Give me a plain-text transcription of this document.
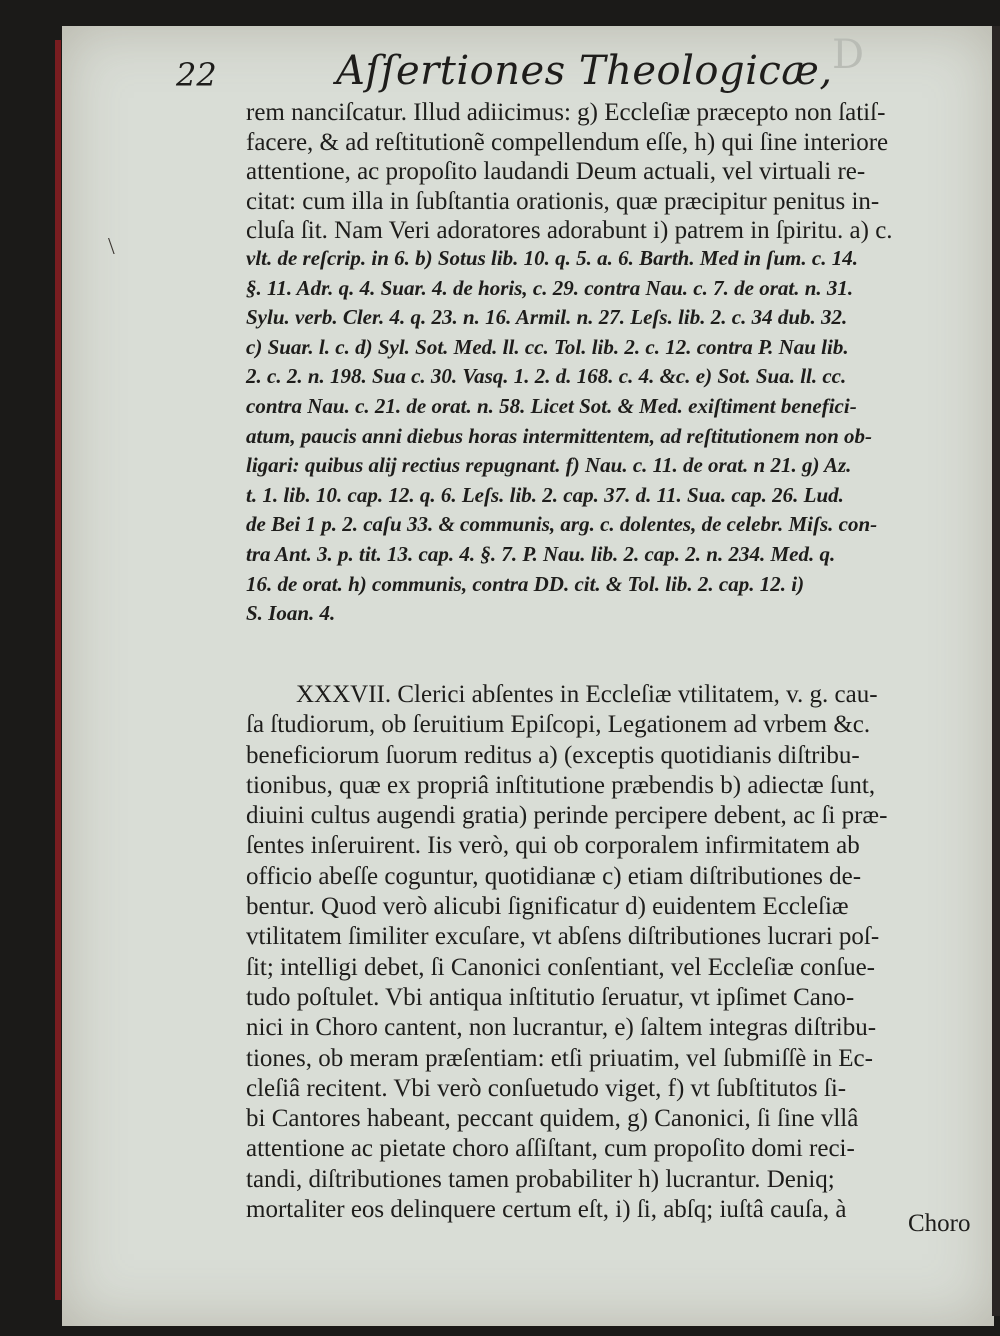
D
\
22	Aſſertiones Theologicæ,
rem nanciſcatur. Illud adiicimus: g) Eccleſiæ præcepto non ſatiſ-
facere, & ad reſtitutionẽ compellendum eſſe, h) qui ſine interiore
attentione, ac propoſito laudandi Deum actuali, vel virtuali re-
citat: cum illa in ſubſtantia orationis, quæ præcipitur penitus in-
cluſa ſit. Nam Veri adoratores adorabunt i) patrem in ſpiritu. a) c.
vlt. de reſcrip. in 6. b) Sotus lib. 10. q. 5. a. 6. Barth. Med in ſum. c. 14.
§. 11. Adr. q. 4. Suar. 4. de horis, c. 29. contra Nau. c. 7. de orat. n. 31.
Sylu. verb. Cler. 4. q. 23. n. 16. Armil. n. 27. Leſs. lib. 2. c. 34 dub. 32.
c) Suar. l. c. d) Syl. Sot. Med. ll. cc. Tol. lib. 2. c. 12. contra P. Nau lib.
2. c. 2. n. 198. Sua c. 30. Vasq. 1. 2. d. 168. c. 4. &c. e) Sot. Sua. ll. cc.
contra Nau. c. 21. de orat. n. 58. Licet Sot. & Med. exiſtiment benefici-
atum, paucis anni diebus horas intermittentem, ad reſtitutionem non ob-
ligari: quibus alij rectius repugnant. f) Nau. c. 11. de orat. n 21. g) Az.
t. 1. lib. 10. cap. 12. q. 6. Leſs. lib. 2. cap. 37. d. 11. Sua. cap. 26. Lud.
de Bei 1 p. 2. caſu 33. & communis, arg. c. dolentes, de celebr. Miſs. con-
tra Ant. 3. p. tit. 13. cap. 4. §. 7. P. Nau. lib. 2. cap. 2. n. 234. Med. q.
16. de orat. h) communis, contra DD. cit. & Tol. lib. 2. cap. 12. i)
S. Ioan. 4.
XXXVII. Clerici abſentes in Eccleſiæ vtilitatem, v. g. cau-
ſa ſtudiorum, ob ſeruitium Epiſcopi, Legationem ad vrbem &c.
beneficiorum ſuorum reditus a) (exceptis quotidianis diſtribu-
tionibus, quæ ex propriâ inſtitutione præbendis b) adiectæ ſunt,
diuini cultus augendi gratia) perinde percipere debent, ac ſi præ-
ſentes inſeruirent. Iis verò, qui ob corporalem infirmitatem ab
officio abeſſe coguntur, quotidianæ c) etiam diſtributiones de-
bentur. Quod verò alicubi ſignificatur d) euidentem Eccleſiæ
vtilitatem ſimiliter excuſare, vt abſens diſtributiones lucrari poſ-
ſit; intelligi debet, ſi Canonici conſentiant, vel Eccleſiæ conſue-
tudo poſtulet. Vbi antiqua inſtitutio ſeruatur, vt ipſimet Cano-
nici in Choro cantent, non lucrantur, e) ſaltem integras diſtribu-
tiones, ob meram præſentiam: etſi priuatim, vel ſubmiſſè in Ec-
cleſiâ recitent. Vbi verò conſuetudo viget, f) vt ſubſtitutos ſi-
bi Cantores habeant, peccant quidem, g) Canonici, ſi ſine vllâ
attentione ac pietate choro aſſiſtant, cum propoſito domi reci-
tandi, diſtributiones tamen probabiliter h) lucrantur. Deniq;
mortaliter eos delinquere certum eſt, i) ſi, abſq; iuſtâ cauſa, à
Choro
